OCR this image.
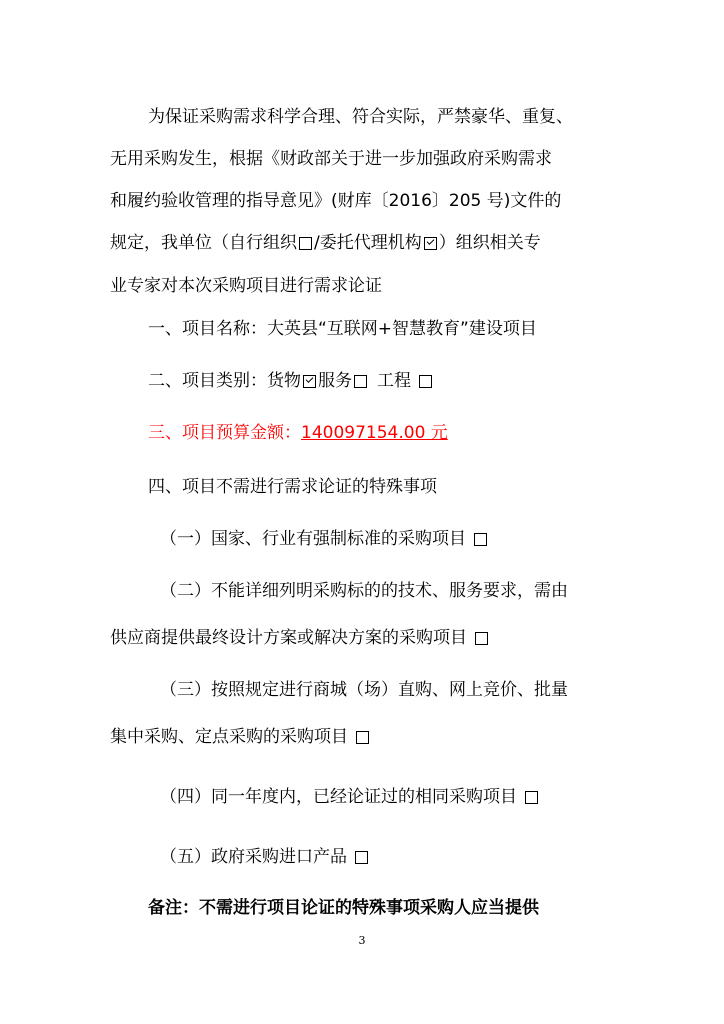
为保证采购需求科学合理、符合实际，严禁豪华、重复、
无用采购发生，根据《财政部关于进一步加强政府采购需求
和履约验收管理的指导意见》(财库〔2016〕205 号)文件的
规定，我单位（自行组织 /委托代理机构 ）组织相关专
业专家对本次采购项目进行需求论证
一、项目名称：大英县“互联网+智慧教育”建设项目
二、项目类别：货物 服务 工程
三、项目预算金额：140097154.00 元
四、项目不需进行需求论证的特殊事项
（一）国家、行业有强制标准的采购项目
（二）不能详细列明采购标的的技术、服务要求，需由
供应商提供最终设计方案或解决方案的采购项目
（三）按照规定进行商城（场）直购、网上竞价、批量
集中采购、定点采购的采购项目
（四）同一年度内，已经论证过的相同采购项目
（五）政府采购进口产品
备注：不需进行项目论证的特殊事项采购人应当提供
3
